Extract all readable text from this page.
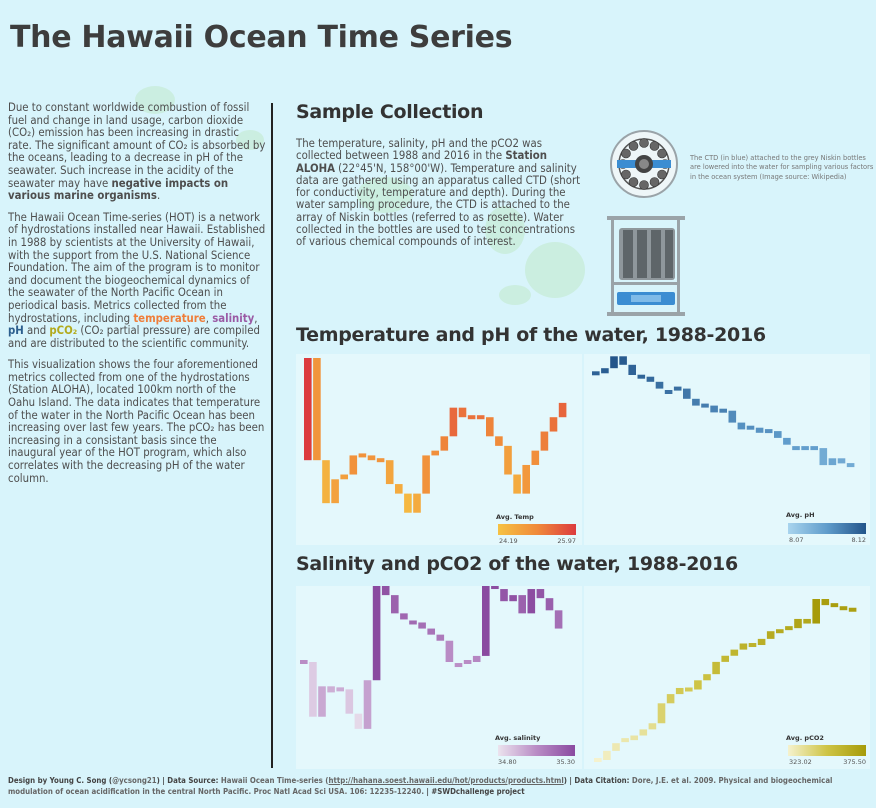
The Hawaii Ocean Time Series

Due to constant worldwide combustion of fossil fuel and change in land usage, carbon dioxide (CO₂) emission has been increasing in drastic rate. The significant amount of CO₂ is absorbed by the oceans, leading to a decrease in pH of the seawater. Such increase in the acidity of the seawater may have negative impacts on various marine organisms.

The Hawaii Ocean Time-series (HOT) is a network of hydrostations installed near Hawaii. Established in 1988 by scientists at the University of Hawaii, with the support from the U.S. National Science Foundation. The aim of the program is to monitor and document the biogeochemical dynamics of the seawater of the North Pacific Ocean in periodical basis. Metrics collected from the hydrostations, including temperature, salinity, pH and pCO₂ (CO₂ partial pressure) are compiled and are distributed to the scientific community.

This visualization shows the four aforementioned metrics collected from one of the hydrostations (Station ALOHA), located 100km north of the Oahu Island. The data indicates that temperature of the water in the North Pacific Ocean has been increasing over last few years. The pCO₂ has been increasing in a consistant basis since the inaugural year of the HOT program, which also correlates with the decreasing pH of the water column.

Sample Collection
The temperature, salinity, pH and the pCO2 was collected between 1988 and 2016 in the Station ALOHA (22°45'N, 158°00'W). Temperature and salinity data are gathered using an apparatus called CTD (short for conductivity, temperature and depth). During the water sampling procedure, the CTD is attached to the array of Niskin bottles (referred to as rosette). Water collected in the bottles are used to test concentrations of various chemical compounds of interest.
The CTD (in blue) attached to the grey Niskin bottles are lowered into the water for sampling various factors in the ocean system (Image source: Wikipedia)
Temperature and pH of the water, 1988-2016
Salinity and pCO2 of the water, 1988-2016
Avg. Temp
24.19	25.97
Avg. pH
8.07	8.12
Avg. salinity
34.80	35.30
Avg. pCO2
323.02	375.50
Design by Young C. Song (@ycsong21) | Data Source: Hawaii Ocean Time-series (http://hahana.soest.hawaii.edu/hot/products/products.html) | Data Citation: Dore, J.E. et al. 2009. Physical and biogeochemical modulation of ocean acidification in the central North Pacific. Proc Natl Acad Sci USA. 106: 12235-12240. | #SWDchallenge project
